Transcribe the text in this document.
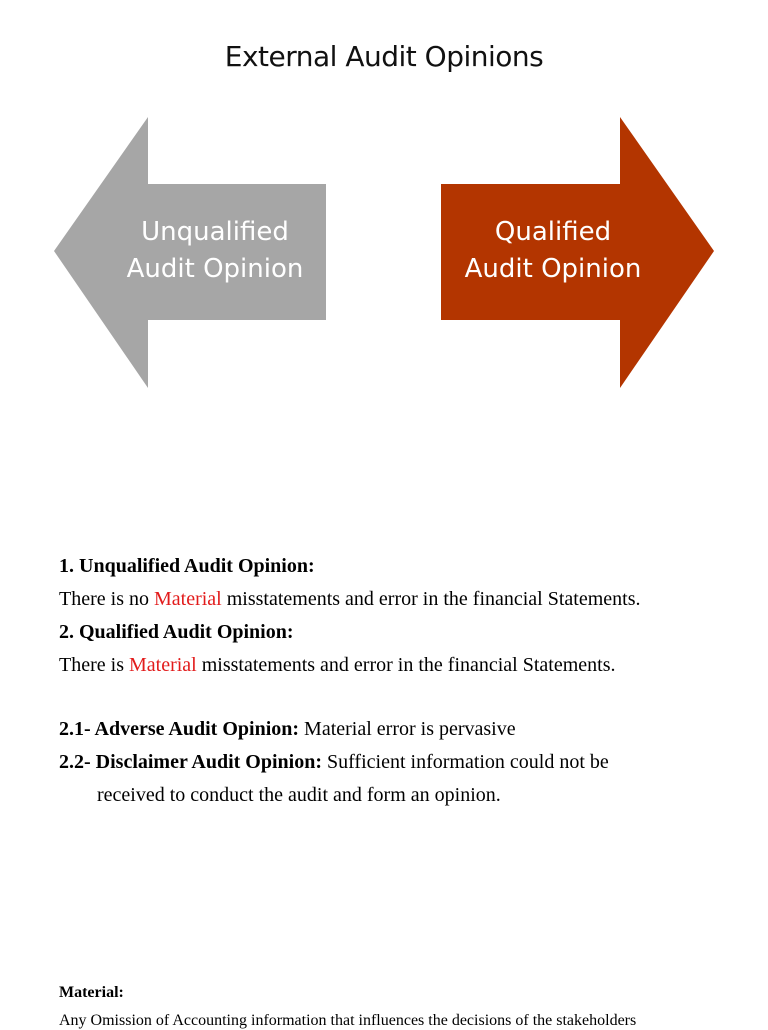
External Audit Opinions
Unqualified
Audit Opinion
Qualified
Audit Opinion

1. Unqualified Audit Opinion:

There is no Material misstatements and error in the financial Statements.

2. Qualified Audit Opinion:

There is Material misstatements and error in the financial Statements.

2.1- Adverse Audit Opinion: Material error is pervasive

2.2- Disclaimer Audit Opinion: Sufficient information could not be
received to conduct the audit and form an opinion.

Material:
Any Omission of Accounting information that influences the decisions of the stakeholders
